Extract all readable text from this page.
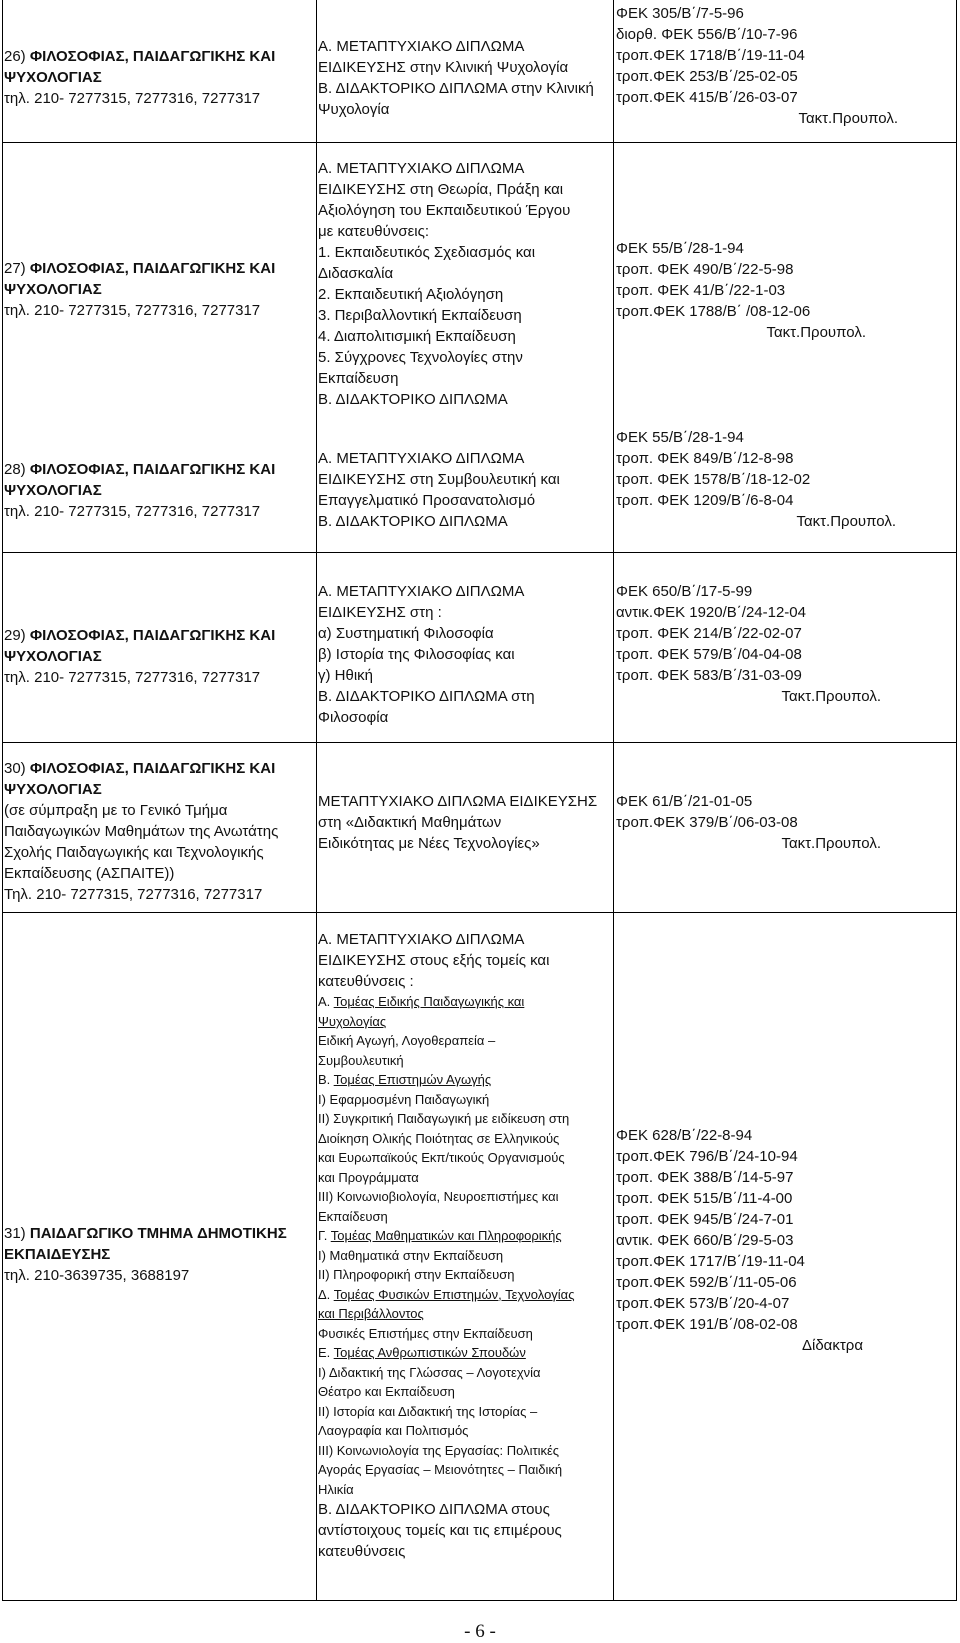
26) ΦΙΛΟΣΟΦΙΑΣ, ΠΑΙΔΑΓΩΓΙΚΗΣ ΚΑΙ
ΨΥΧΟΛΟΓΙΑΣ
τηλ. 210- 7277315, 7277316, 7277317
Α. ΜΕΤΑΠΤΥΧΙΑΚΟ ΔΙΠΛΩΜΑ
ΕΙΔΙΚΕΥΣΗΣ στην Κλινική Ψυχολογία
Β. ΔΙΔΑΚΤΟΡΙΚΟ ΔΙΠΛΩΜΑ στην Κλινική
Ψυχολογία
ΦΕΚ 305/Β΄/7-5-96
διορθ. ΦΕΚ 556/Β΄/10-7-96
τροπ.ΦΕΚ 1718/Β΄/19-11-04
τροπ.ΦΕΚ 253/Β΄/25-02-05
τροπ.ΦΕΚ 415/Β΄/26-03-07
Τακτ.Προυπολ.
27) ΦΙΛΟΣΟΦΙΑΣ, ΠΑΙΔΑΓΩΓΙΚΗΣ ΚΑΙ
ΨΥΧΟΛΟΓΙΑΣ
τηλ. 210- 7277315, 7277316, 7277317
Α. ΜΕΤΑΠΤΥΧΙΑΚΟ ΔΙΠΛΩΜΑ
ΕΙΔΙΚΕΥΣΗΣ στη Θεωρία, Πράξη και
Αξιολόγηση του Εκπαιδευτικού Έργου
με κατευθύνσεις:
1. Εκπαιδευτικός Σχεδιασμός και
Διδασκαλία
2. Εκπαιδευτική Αξιολόγηση
3. Περιβαλλοντική Εκπαίδευση
4. Διαπολιτισμική Εκπαίδευση
5. Σύγχρονες Τεχνολογίες στην
Εκπαίδευση
Β. ΔΙΔΑΚΤΟΡΙΚΟ ΔΙΠΛΩΜΑ
ΦΕΚ 55/Β΄/28-1-94
τροπ. ΦΕΚ 490/Β΄/22-5-98
τροπ. ΦΕΚ 41/Β΄/22-1-03
τροπ.ΦΕΚ 1788/Β΄ /08-12-06
Τακτ.Προυπολ.
28) ΦΙΛΟΣΟΦΙΑΣ, ΠΑΙΔΑΓΩΓΙΚΗΣ ΚΑΙ
ΨΥΧΟΛΟΓΙΑΣ
τηλ. 210- 7277315, 7277316, 7277317
Α. ΜΕΤΑΠΤΥΧΙΑΚΟ ΔΙΠΛΩΜΑ
ΕΙΔΙΚΕΥΣΗΣ στη Συμβουλευτική και
Επαγγελματικό Προσανατολισμό
Β. ΔΙΔΑΚΤΟΡΙΚΟ ΔΙΠΛΩΜΑ
ΦΕΚ 55/Β΄/28-1-94
τροπ. ΦΕΚ 849/Β΄/12-8-98
τροπ. ΦΕΚ 1578/Β΄/18-12-02
τροπ. ΦΕΚ 1209/Β΄/6-8-04
Τακτ.Προυπολ.
29) ΦΙΛΟΣΟΦΙΑΣ, ΠΑΙΔΑΓΩΓΙΚΗΣ ΚΑΙ
ΨΥΧΟΛΟΓΙΑΣ
τηλ. 210- 7277315, 7277316, 7277317
Α. ΜΕΤΑΠΤΥΧΙΑΚΟ ΔΙΠΛΩΜΑ
ΕΙΔΙΚΕΥΣΗΣ στη :
α) Συστηματική Φιλοσοφία
β) Ιστορία της Φιλοσοφίας και
γ) Ηθική
Β. ΔΙΔΑΚΤΟΡΙΚΟ ΔΙΠΛΩΜΑ στη
Φιλοσοφία
ΦΕΚ 650/Β΄/17-5-99
αντικ.ΦΕΚ 1920/Β΄/24-12-04
τροπ. ΦΕΚ 214/Β΄/22-02-07
τροπ. ΦΕΚ 579/Β΄/04-04-08
τροπ. ΦΕΚ 583/Β΄/31-03-09
Τακτ.Προυπολ.
30) ΦΙΛΟΣΟΦΙΑΣ, ΠΑΙΔΑΓΩΓΙΚΗΣ ΚΑΙ
ΨΥΧΟΛΟΓΙΑΣ
(σε σύμπραξη με το Γενικό Τμήμα
Παιδαγωγικών Μαθημάτων της Ανωτάτης
Σχολής Παιδαγωγικής και Τεχνολογικής
Εκπαίδευσης (ΑΣΠΑΙΤΕ))
Τηλ. 210- 7277315, 7277316, 7277317
ΜΕΤΑΠΤΥΧΙΑΚΟ ΔΙΠΛΩΜΑ ΕΙΔΙΚΕΥΣΗΣ
στη «Διδακτική Μαθημάτων
Ειδικότητας με Νέες Τεχνολογίες»
ΦΕΚ 61/Β΄/21-01-05
τροπ.ΦΕΚ 379/Β΄/06-03-08
Τακτ.Προυπολ.
31) ΠΑΙΔΑΓΩΓΙΚΟ ΤΜΗΜΑ ΔΗΜΟΤΙΚΗΣ
ΕΚΠΑΙΔΕΥΣΗΣ
τηλ. 210-3639735, 3688197
Α. ΜΕΤΑΠΤΥΧΙΑΚΟ ΔΙΠΛΩΜΑ
ΕΙΔΙΚΕΥΣΗΣ στους εξής τομείς και
κατευθύνσεις :
Α. Τομέας Ειδικής Παιδαγωγικής και
Ψυχολογίας
Ειδική Αγωγή, Λογοθεραπεία –
Συμβουλευτική
Β. Τομέας Επιστημών Αγωγής
Ι) Εφαρμοσμένη Παιδαγωγική
ΙΙ) Συγκριτική Παιδαγωγική με ειδίκευση στη
Διοίκηση Ολικής Ποιότητας σε Ελληνικούς
και Ευρωπαϊκούς Εκπ/τικούς Οργανισμούς
και Προγράμματα
ΙΙΙ) Κοινωνιοβιολογία, Νευροεπιστήμες και
Εκπαίδευση
Γ. Τομέας Μαθηματικών και Πληροφορικής
Ι) Μαθηματικά στην Εκπαίδευση
ΙΙ) Πληροφορική στην Εκπαίδευση
Δ. Τομέας Φυσικών Επιστημών, Τεχνολογίας
και Περιβάλλοντος
Φυσικές Επιστήμες στην Εκπαίδευση
Ε. Τομέας Ανθρωπιστικών Σπουδών
Ι) Διδακτική της Γλώσσας – Λογοτεχνία
Θέατρο και Εκπαίδευση
ΙΙ) Ιστορία και Διδακτική της Ιστορίας –
Λαογραφία και Πολιτισμός
ΙΙΙ) Κοινωνιολογία της Εργασίας: Πολιτικές
Αγοράς Εργασίας – Μειονότητες – Παιδική
Ηλικία
Β. ΔΙΔΑΚΤΟΡΙΚΟ ΔΙΠΛΩΜΑ στους
αντίστοιχους τομείς και τις επιμέρους
κατευθύνσεις
ΦΕΚ 628/Β΄/22-8-94
τροπ.ΦΕΚ 796/Β΄/24-10-94
τροπ. ΦΕΚ 388/Β΄/14-5-97
τροπ. ΦΕΚ 515/Β΄/11-4-00
τροπ. ΦΕΚ 945/Β΄/24-7-01
αντικ. ΦΕΚ 660/Β΄/29-5-03
τροπ.ΦΕΚ 1717/Β΄/19-11-04
τροπ.ΦΕΚ 592/Β΄/11-05-06
τροπ.ΦΕΚ 573/Β΄/20-4-07
τροπ.ΦΕΚ 191/Β΄/08-02-08
Δίδακτρα
- 6 -
